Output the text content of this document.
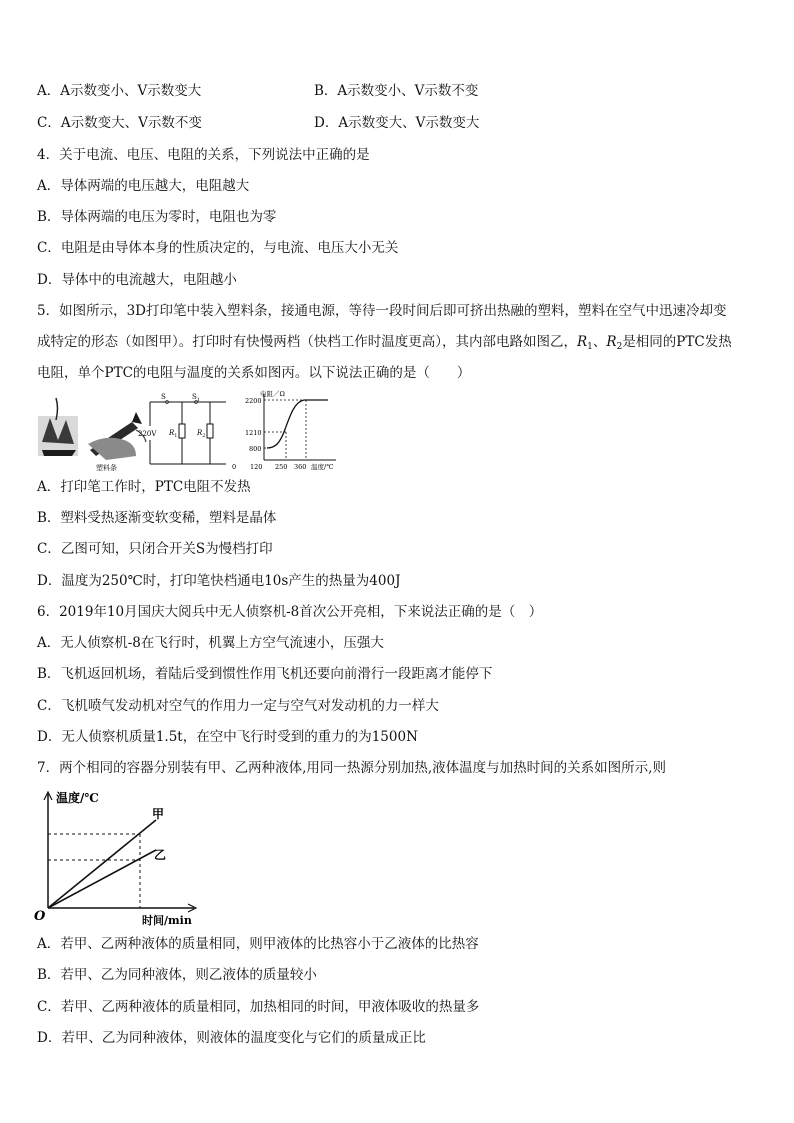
A．A示数变小、V示数变大	B．A示数变小、V示数不变
C．A示数变大、V示数不变	D．A示数变大、V示数变大
4．关于电流、电压、电阻的关系，下列说法中正确的是
A．导体两端的电压越大，电阻越大
B．导体两端的电压为零时，电阻也为零
C．电阻是由导体本身的性质决定的，与电流、电压大小无关
D．导体中的电流越大，电阻越小
5．如图所示，3D打印笔中装入塑料条，接通电源，等待一段时间后即可挤出热融的塑料，塑料在空气中迅速冷却变
成特定的形态（如图甲）。打印时有快慢两档（快档工作时温度更高），其内部电路如图乙，$R_1$、$R_2$是相同的PTC发热
电阻，单个PTC的电阻与温度的关系如图丙。以下说法正确的是（　　）
塑料条
S	$S_1$
220V $R_1$	$R_2$
电阻／Ω
2200
1210
800
0 120 250 360 温度/℃
A．打印笔工作时，PTC电阻不发热
B．塑料受热逐渐变软变稀，塑料是晶体
C．乙图可知，只闭合开关S为慢档打印
D．温度为250℃时，打印笔快档通电10s产生的热量为400J
6．2019年10月国庆大阅兵中无人侦察机-8首次公开亮相，下来说法正确的是（　）
A．无人侦察机-8在飞行时，机翼上方空气流速小，压强大
B．飞机返回机场，着陆后受到惯性作用飞机还要向前滑行一段距离才能停下
C．飞机喷气发动机对空气的作用力一定与空气对发动机的力一样大
D．无人侦察机质量1.5t，在空中飞行时受到的重力的为1500N
7．两个相同的容器分别装有甲、乙两种液体,用同一热源分别加热,液体温度与加热时间的关系如图所示,则
温度/℃
O	时间/min
甲
乙
A．若甲、乙两种液体的质量相同，则甲液体的比热容小于乙液体的比热容
B．若甲、乙为同种液体，则乙液体的质量较小
C．若甲、乙两种液体的质量相同，加热相同的时间，甲液体吸收的热量多
D．若甲、乙为同种液体，则液体的温度变化与它们的质量成正比
